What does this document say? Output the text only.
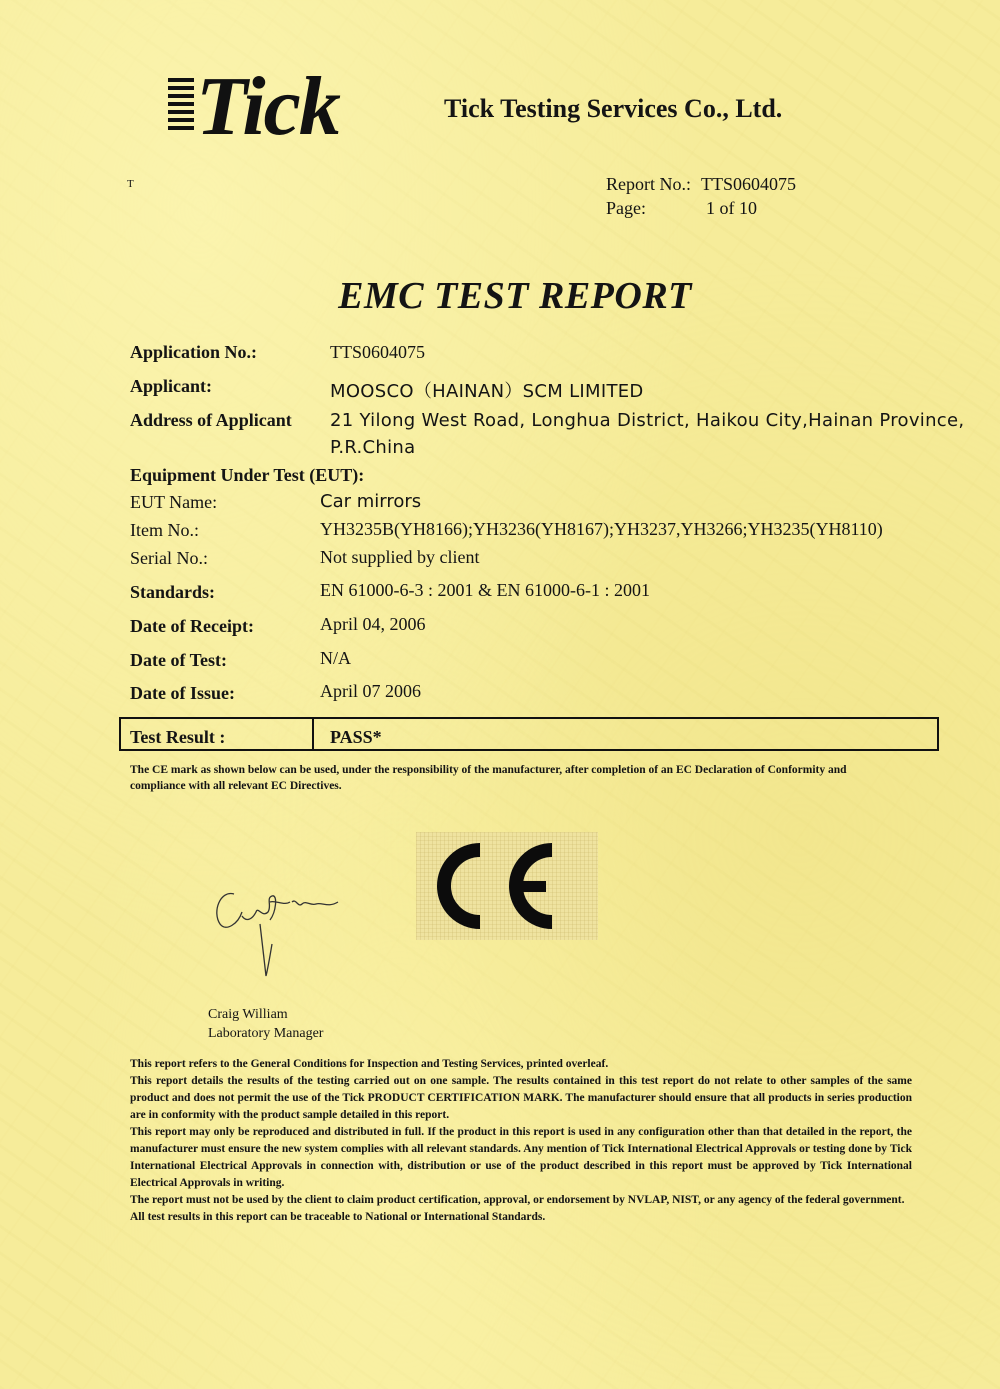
Tick
T
Tick Testing Services Co., Ltd.
Report No.: TTS0604075
Page:	1 of 10
EMC TEST REPORT
Application No.:	TTS0604075
Applicant:	MOOSCO（HAINAN）SCM LIMITED
Address of Applicant 21 Yilong West Road, Longhua District, Haikou City,Hainan Province,
P.R.China
Equipment Under Test (EUT):
EUT Name:	Car mirrors
Item No.:	YH3235B(YH8166);YH3236(YH8167);YH3237,YH3266;YH3235(YH8110)
Serial No.:	Not supplied by client
Standards:	EN 61000-6-3 : 2001 & EN 61000-6-1 : 2001
Date of Receipt:	April 04, 2006
Date of Test:	N/A
Date of Issue:	April 07 2006
Test Result :	PASS*
The CE mark as shown below can be used, under the responsibility of the manufacturer, after completion of an EC Declaration of Conformity and compliance with all relevant EC Directives.
Craig William
Laboratory Manager

This report refers to the General Conditions for Inspection and Testing Services, printed overleaf.

This report details the results of the testing carried out on one sample. The results contained in this test report do not relate to other samples of the same product and does not permit the use of the Tick PRODUCT CERTIFICATION MARK. The manufacturer should ensure that all products in series production are in conformity with the product sample detailed in this report.

This report may only be reproduced and distributed in full. If the product in this report is used in any configuration other than that detailed in the report, the manufacturer must ensure the new system complies with all relevant standards. Any mention of Tick International Electrical Approvals or testing done by Tick International Electrical Approvals in connection with, distribution or use of the product described in this report must be approved by Tick International Electrical Approvals in writing.

The report must not be used by the client to claim product certification, approval, or endorsement by NVLAP, NIST, or any agency of the federal government.

All test results in this report can be traceable to National or International Standards.
